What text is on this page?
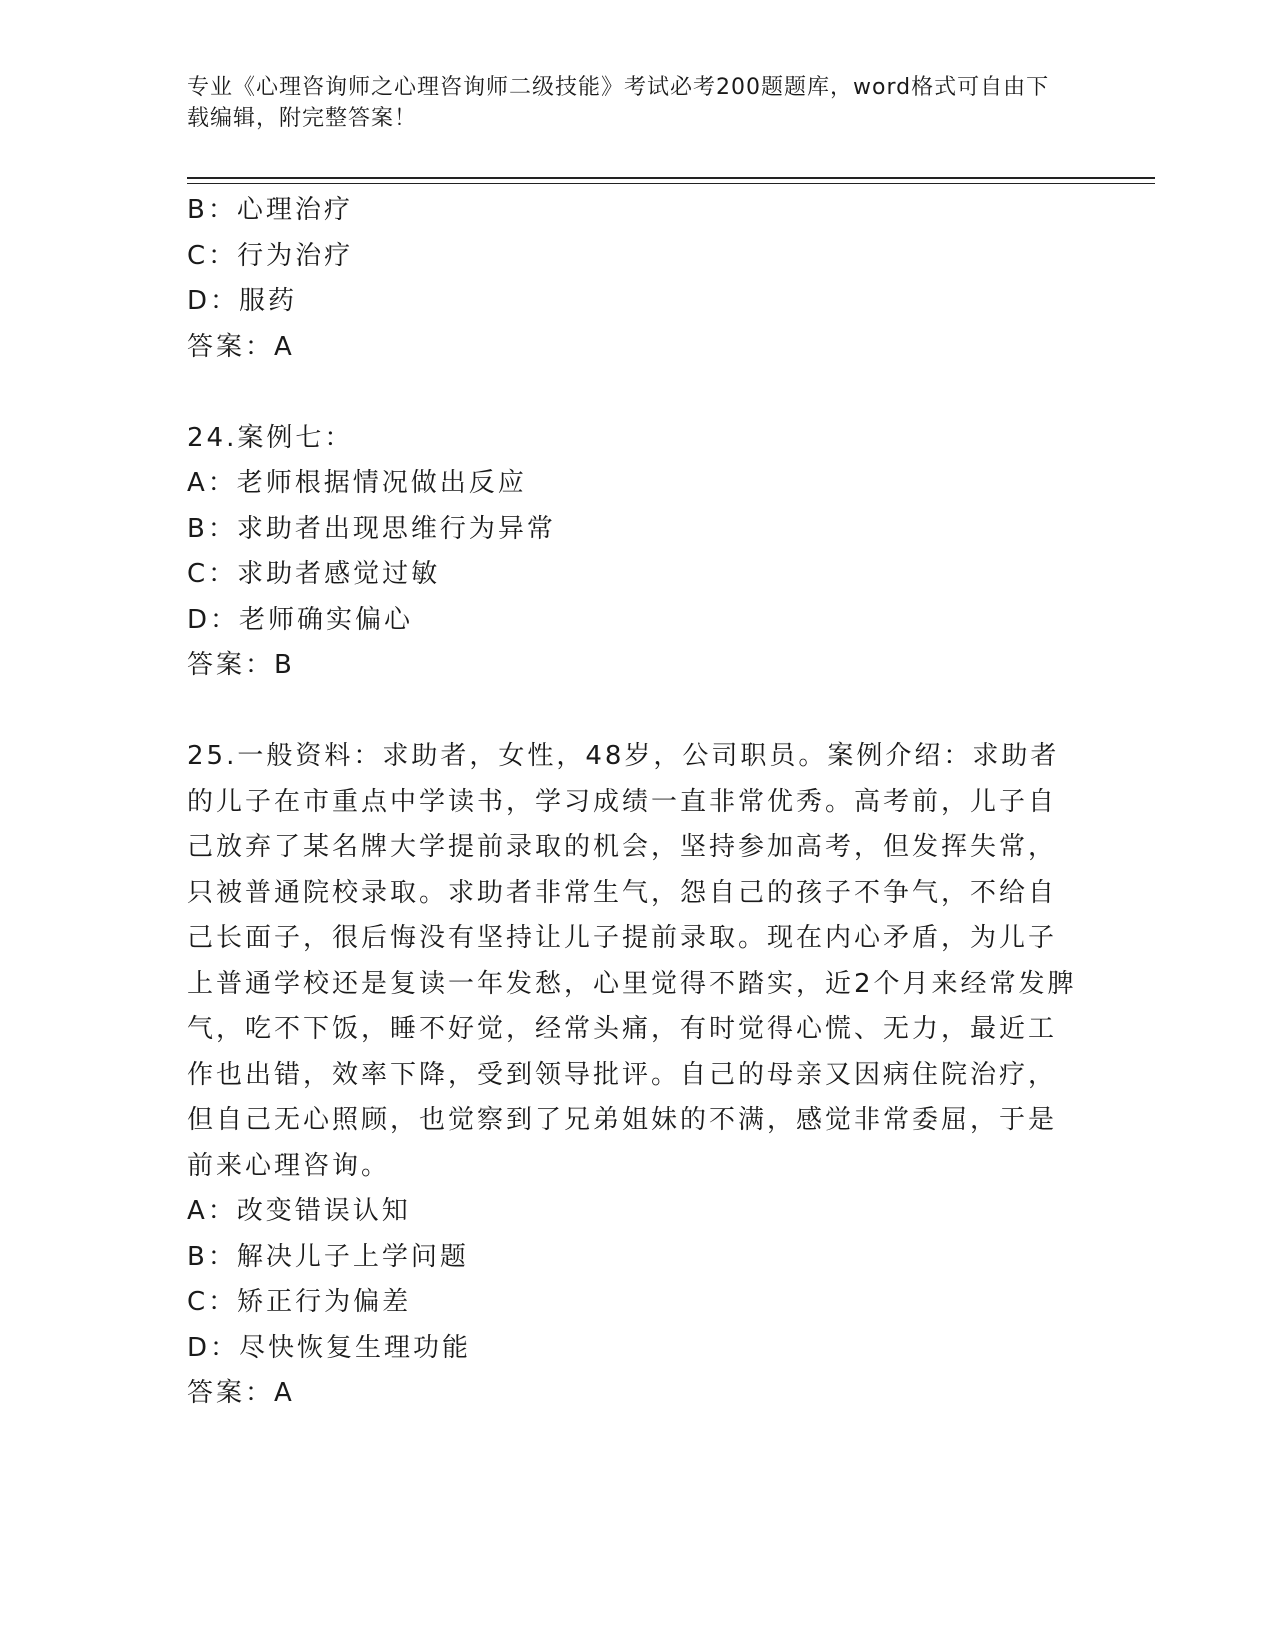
专业《心理咨询师之心理咨询师二级技能》考试必考200题题库，word格式可自由下载编辑，附完整答案！
B：心理治疗
C：行为治疗
D：服药
答案：A
24.案例七：
A：老师根据情况做出反应
B：求助者出现思维行为异常
C：求助者感觉过敏
D：老师确实偏心
答案：B
25.一般资料：求助者，女性，48岁，公司职员。案例介绍：求助者的儿子在市重点中学读书，学习成绩一直非常优秀。高考前，儿子自己放弃了某名牌大学提前录取的机会，坚持参加高考，但发挥失常，只被普通院校录取。求助者非常生气，怨自己的孩子不争气，不给自己长面子，很后悔没有坚持让儿子提前录取。现在内心矛盾，为儿子上普通学校还是复读一年发愁，心里觉得不踏实，近2个月来经常发脾气，吃不下饭，睡不好觉，经常头痛，有时觉得心慌、无力，最近工作也出错，效率下降，受到领导批评。自己的母亲又因病住院治疗，但自己无心照顾，也觉察到了兄弟姐妹的不满，感觉非常委屈，于是前来心理咨询。
A：改变错误认知
B：解决儿子上学问题
C：矫正行为偏差
D：尽快恢复生理功能
答案：A
